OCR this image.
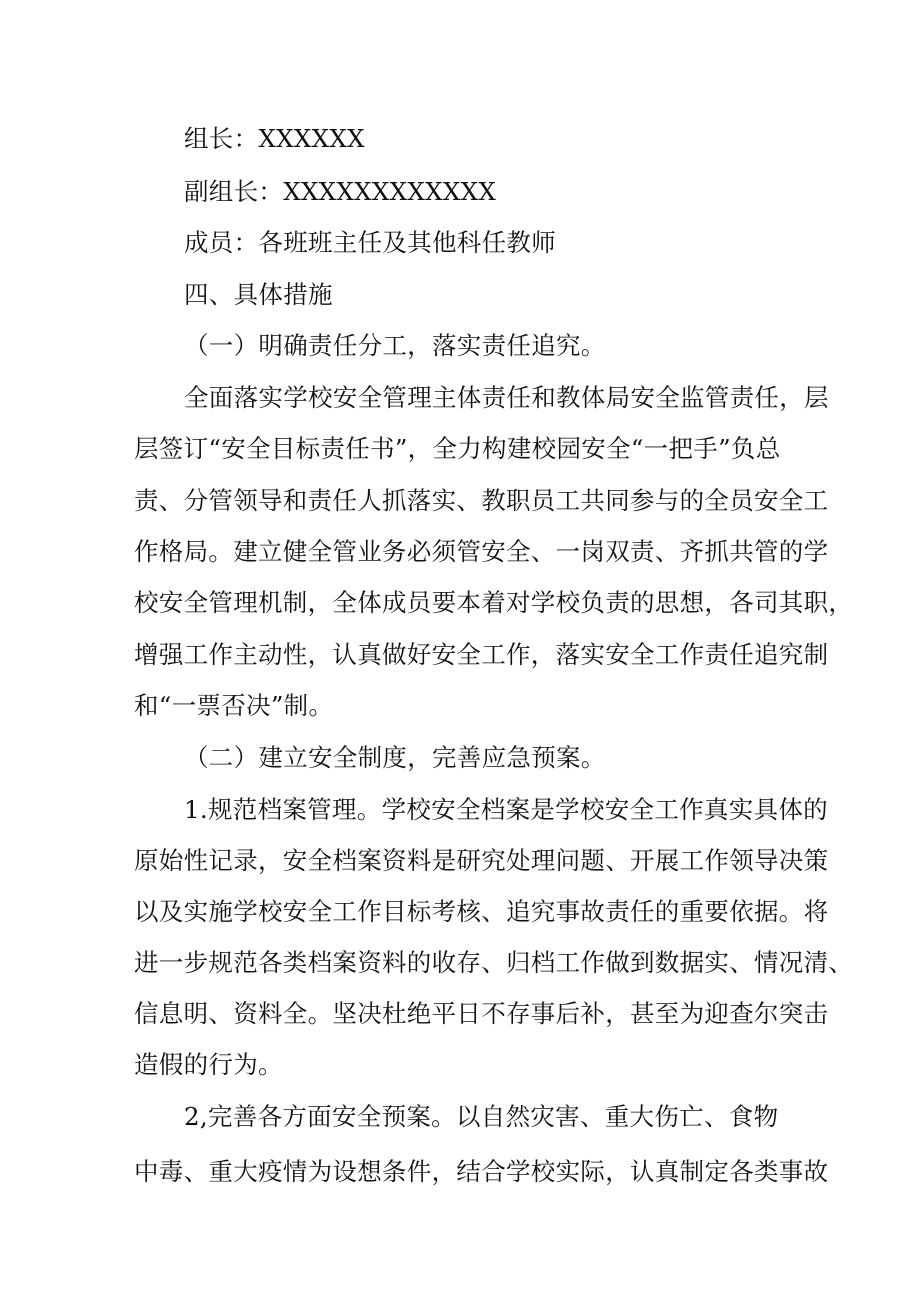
组长：XXXXXX
副组长：XXXXXXXXXXXX
成员：各班班主任及其他科任教师
四、具体措施
（一）明确责任分工，落实责任追究。
全面落实学校安全管理主体责任和教体局安全监管责任，层
层签订“安全目标责任书”，全力构建校园安全“一把手”负总
责、分管领导和责任人抓落实、教职员工共同参与的全员安全工
作格局。建立健全管业务必须管安全、一岗双责、齐抓共管的学
校安全管理机制，全体成员要本着对学校负责的思想，各司其职，
增强工作主动性，认真做好安全工作，落实安全工作责任追究制
和“一票否决”制。
（二）建立安全制度，完善应急预案。
1.规范档案管理。学校安全档案是学校安全工作真实具体的
原始性记录，安全档案资料是研究处理问题、开展工作领导决策
以及实施学校安全工作目标考核、追究事故责任的重要依据。将
进一步规范各类档案资料的收存、归档工作做到数据实、情况清、
信息明、资料全。坚决杜绝平日不存事后补，甚至为迎查尔突击
造假的行为。
2,完善各方面安全预案。以自然灾害、重大伤亡、食物
中毒、重大疫情为设想条件，结合学校实际，认真制定各类事故
